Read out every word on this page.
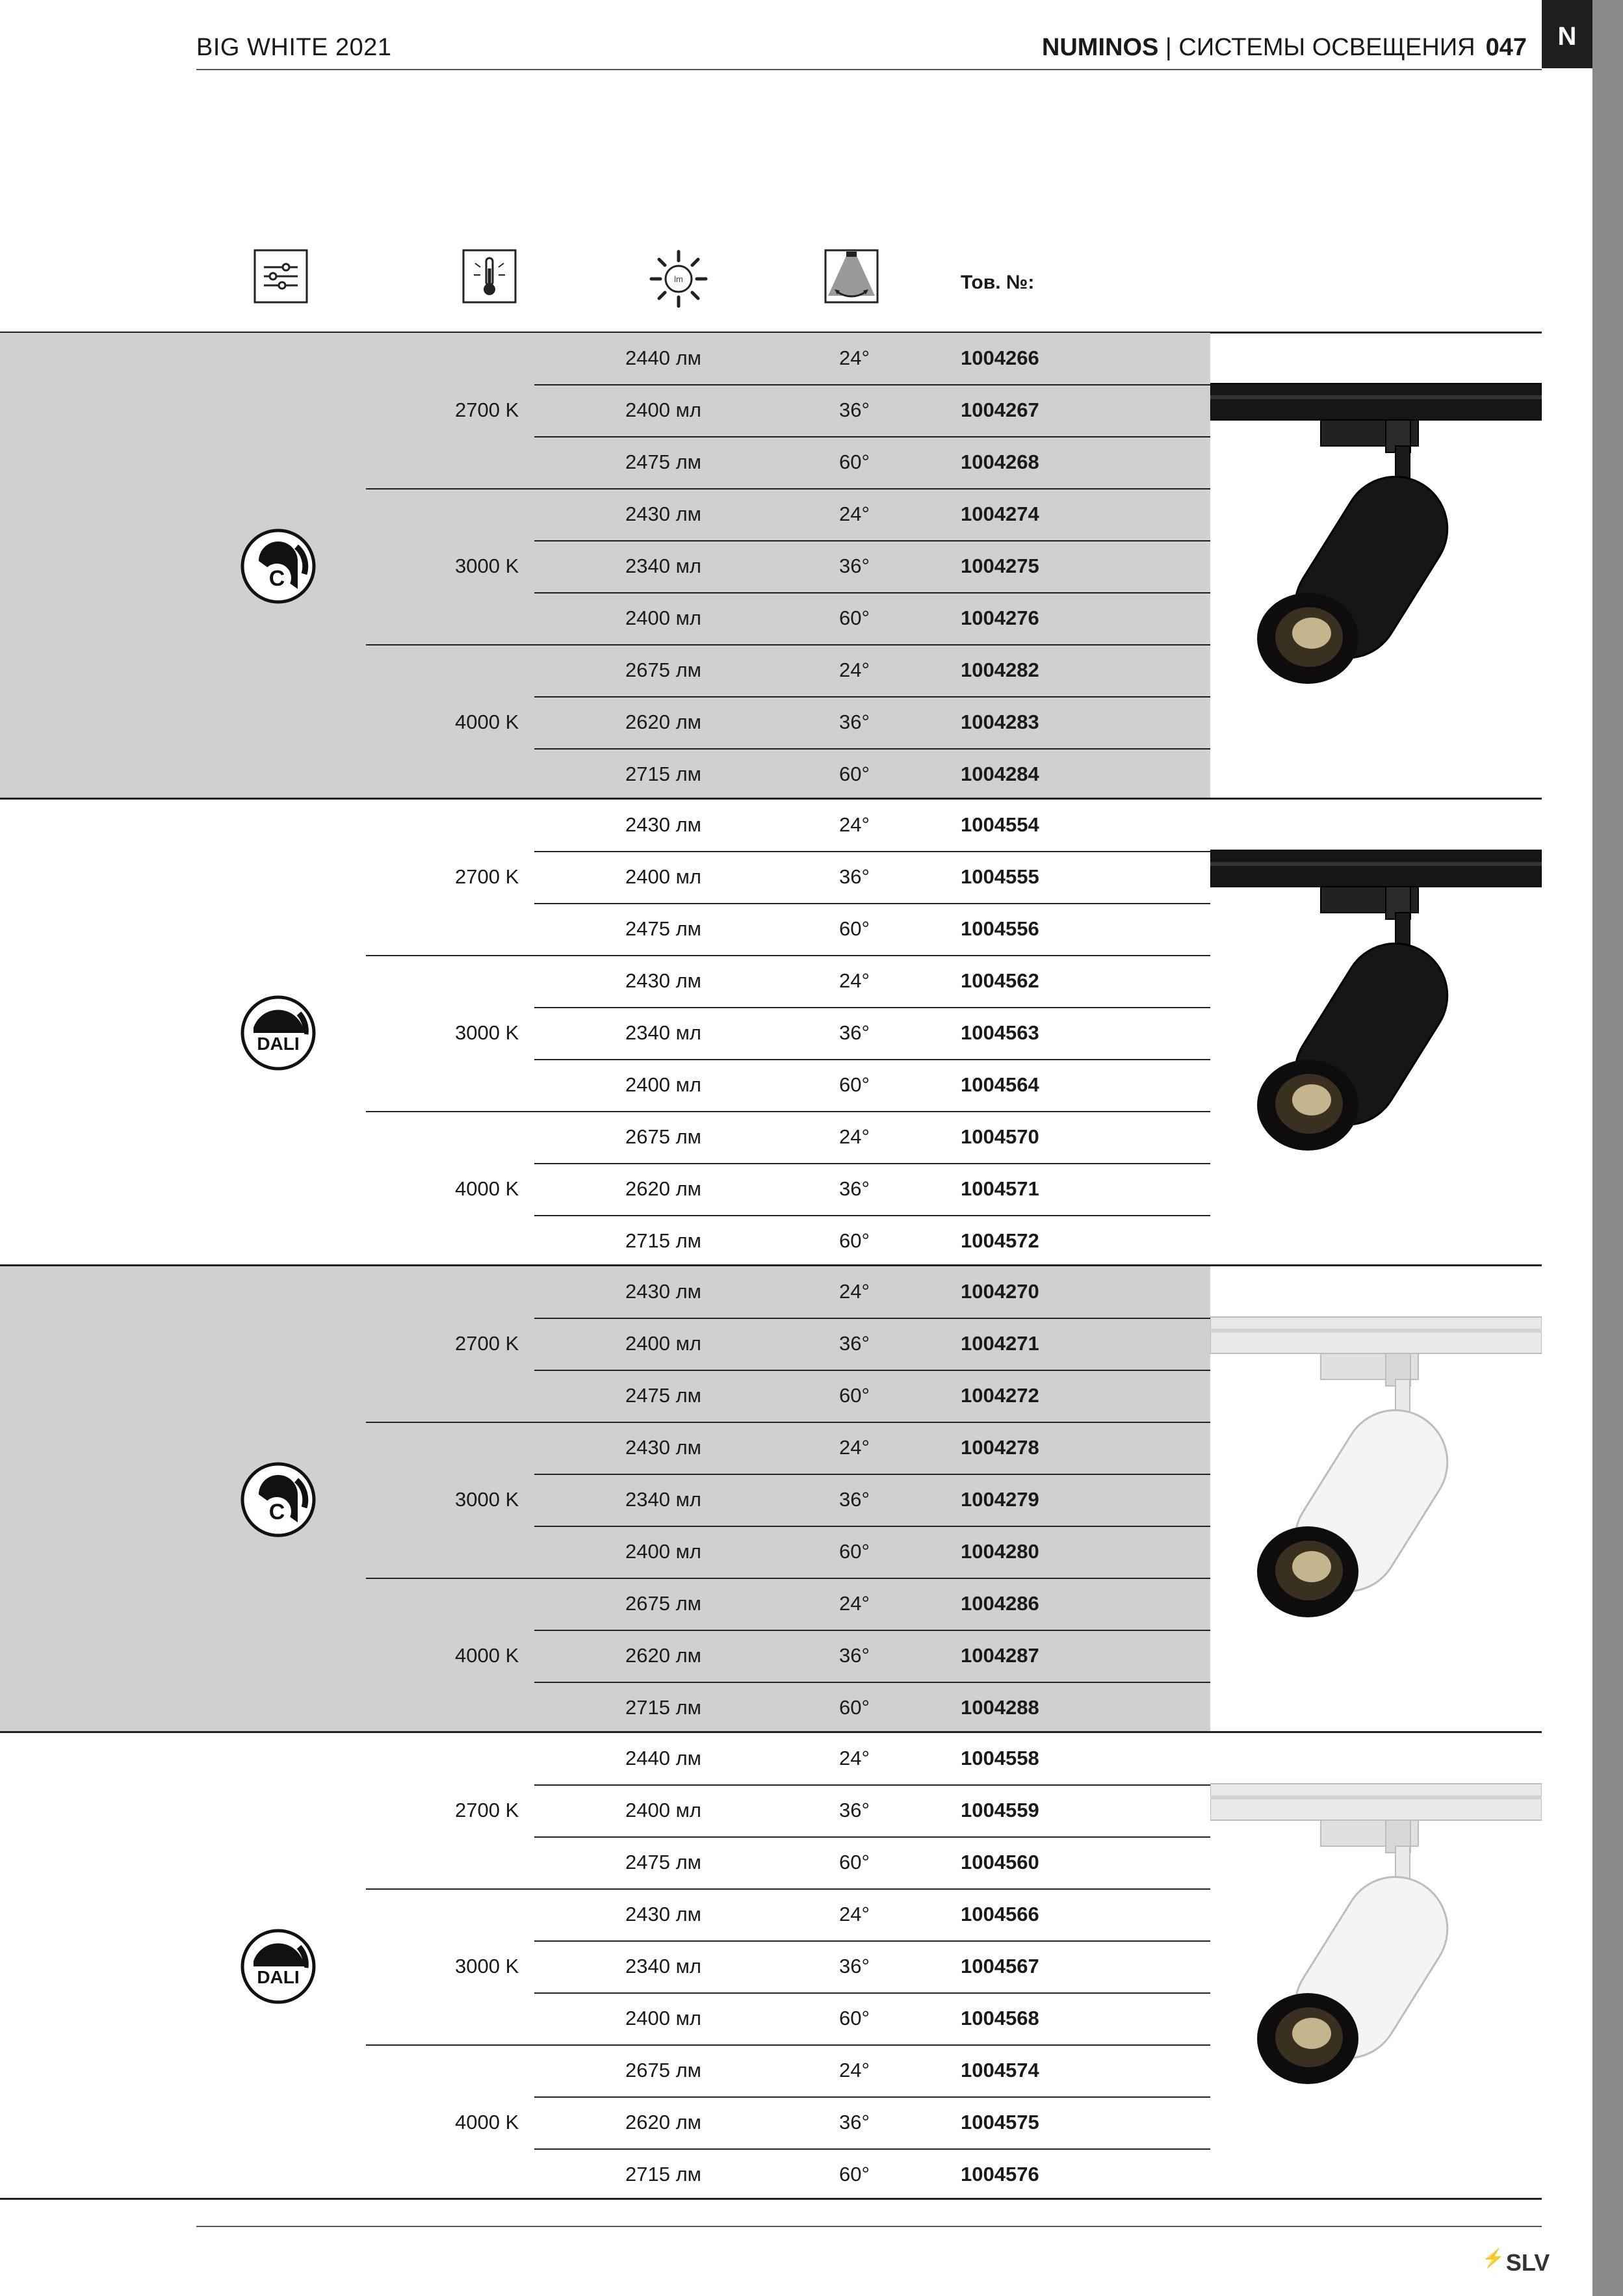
N
BIG WHITE 2021	NUMINOS | СИСТЕМЫ ОСВЕЩЕНИЯ 047
lm	Тов. №:
C
2700 K
2440 лм	24°	1004266
2400 мл	36°	1004267
2475 лм	60°	1004268
3000 K
2430 лм	24°	1004274
2340 мл	36°	1004275
2400 мл	60°	1004276
4000 K
2675 лм	24°	1004282
2620 лм	36°	1004283
2715 лм	60°	1004284
DALI
2700 K
2430 лм	24°	1004554
2400 мл	36°	1004555
2475 лм	60°	1004556
3000 K
2430 лм	24°	1004562
2340 мл	36°	1004563
2400 мл	60°	1004564
4000 K
2675 лм	24°	1004570
2620 лм	36°	1004571
2715 лм	60°	1004572
C
2700 K
2430 лм	24°	1004270
2400 мл	36°	1004271
2475 лм	60°	1004272
3000 K
2430 лм	24°	1004278
2340 мл	36°	1004279
2400 мл	60°	1004280
4000 K
2675 лм	24°	1004286
2620 лм	36°	1004287
2715 лм	60°	1004288
DALI
2700 K
2440 лм	24°	1004558
2400 мл	36°	1004559
2475 лм	60°	1004560
3000 K
2430 лм	24°	1004566
2340 мл	36°	1004567
2400 мл	60°	1004568
4000 K
2675 лм	24°	1004574
2620 лм	36°	1004575
2715 лм	60°	1004576
⚡SLV
